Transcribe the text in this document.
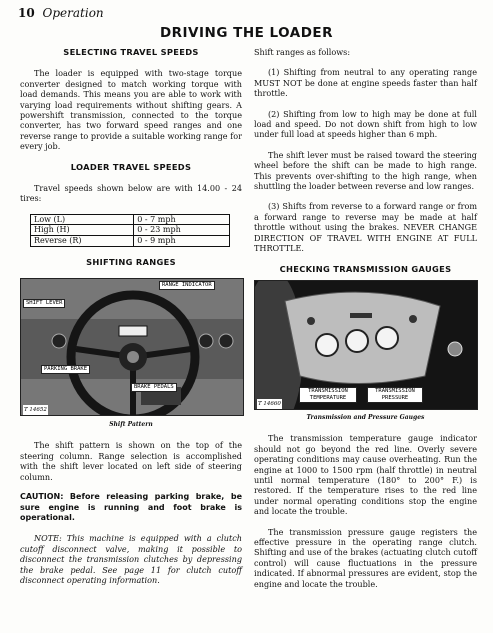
10 Operation
DRIVING THE LOADER
SELECTING TRAVEL SPEEDS

The loader is equipped with two-stage torque converter designed to match working torque with load demands. This means you are able to work with varying load requirements without shifting gears. A powershift transmission, connected to the torque converter, has two forward speed ranges and one reverse range to provide a suitable working range for every job.

LOADER TRAVEL SPEEDS

Travel speeds shown below are with 14.00 - 24 tires:

Low (L)	0 - 7 mph
High (H)	0 - 23 mph
Reverse (R)	0 - 9 mph
SHIFTING RANGES
RANGE INDICATOR
SHIFT LEVER
PARKING BRAKE
BRAKE PEDALS
T 14652
Shift Pattern

The shift pattern is shown on the top of the steering column. Range selection is accomplished with the shift lever located on left side of steering column.

CAUTION: Before releasing parking brake, be sure engine is running and foot brake is operational.

NOTE: This machine is equipped with a clutch cutoff disconnect valve, making it possible to disconnect the transmission clutches by depressing the brake pedal. See page 11 for clutch cutoff disconnect operating information.

Shift ranges as follows:

(1) Shifting from neutral to any operating range MUST NOT be done at engine speeds faster than half throttle.

(2) Shifting from low to high may be done at full load and speed. Do not down shift from high to low under full load at speeds higher than 6 mph.

The shift lever must be raised toward the steering wheel before the shift can be made to high range. This prevents over-shifting to the high range, when shuttling the loader between reverse and low ranges.

(3) Shifts from reverse to a forward range or from a forward range to reverse may be made at half throttle without using the brakes. NEVER CHANGE DIRECTION OF TRAVEL WITH ENGINE AT FULL THROTTLE.

CHECKING TRANSMISSION GAUGES
TRANSMISSION TEMPERATURE
TRANSMISSION PRESSURE
T 14660
Transmission and Pressure Gauges

The transmission temperature gauge indicator should not go beyond the red line. Overly severe operating conditions may cause overheating. Run the engine at 1000 to 1500 rpm (half throttle) in neutral until normal temperature (180° to 200° F.) is restored. If the temperature rises to the red line under normal operating conditions stop the engine and locate the trouble.

The transmission pressure gauge registers the effective pressure in the operating range clutch. Shifting and use of the brakes (actuating clutch cutoff control) will cause fluctuations in the pressure indicated. If abnormal pressures are evident, stop the engine and locate the trouble.
